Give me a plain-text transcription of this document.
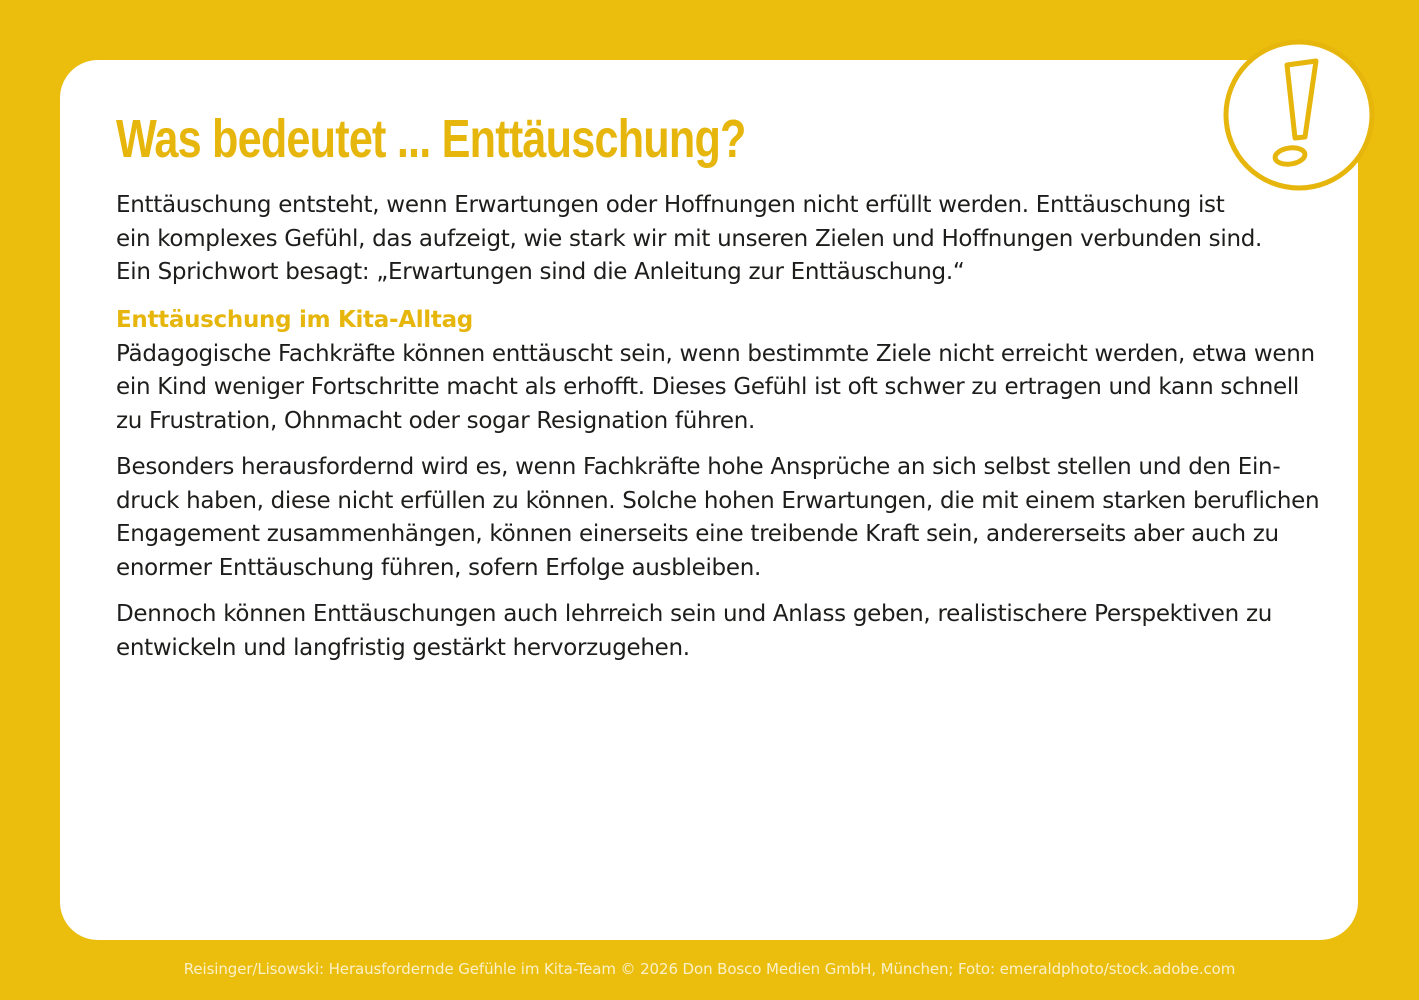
Was bedeutet ... Enttäuschung?

Enttäuschung entsteht, wenn Erwartungen oder Hoffnungen nicht erfüllt werden. Enttäuschung ist
ein komplexes Gefühl, das aufzeigt, wie stark wir mit unseren Zielen und Hoffnungen verbunden sind.
Ein Sprichwort besagt: „Erwartungen sind die Anleitung zur Enttäuschung.“

Enttäuschung im Kita-Alltag

Pädagogische Fachkräfte können enttäuscht sein, wenn bestimmte Ziele nicht erreicht werden, etwa wenn
ein Kind weniger Fortschritte macht als erhofft. Dieses Gefühl ist oft schwer zu ertragen und kann schnell
zu Frustration, Ohnmacht oder sogar Resignation führen.

Besonders herausfordernd wird es, wenn Fachkräfte hohe Ansprüche an sich selbst stellen und den Ein-
druck haben, diese nicht erfüllen zu können. Solche hohen Erwartungen, die mit einem starken beruflichen
Engagement zusammenhängen, können einerseits eine treibende Kraft sein, andererseits aber auch zu
enormer Enttäuschung führen, sofern Erfolge ausbleiben.

Dennoch können Enttäuschungen auch lehrreich sein und Anlass geben, realistischere Perspektiven zu
entwickeln und langfristig gestärkt hervorzugehen.

Reisinger/Lisowski: Herausfordernde Gefühle im Kita-Team © 2026 Don Bosco Medien GmbH, München; Foto: emeraldphoto/stock.adobe.com
